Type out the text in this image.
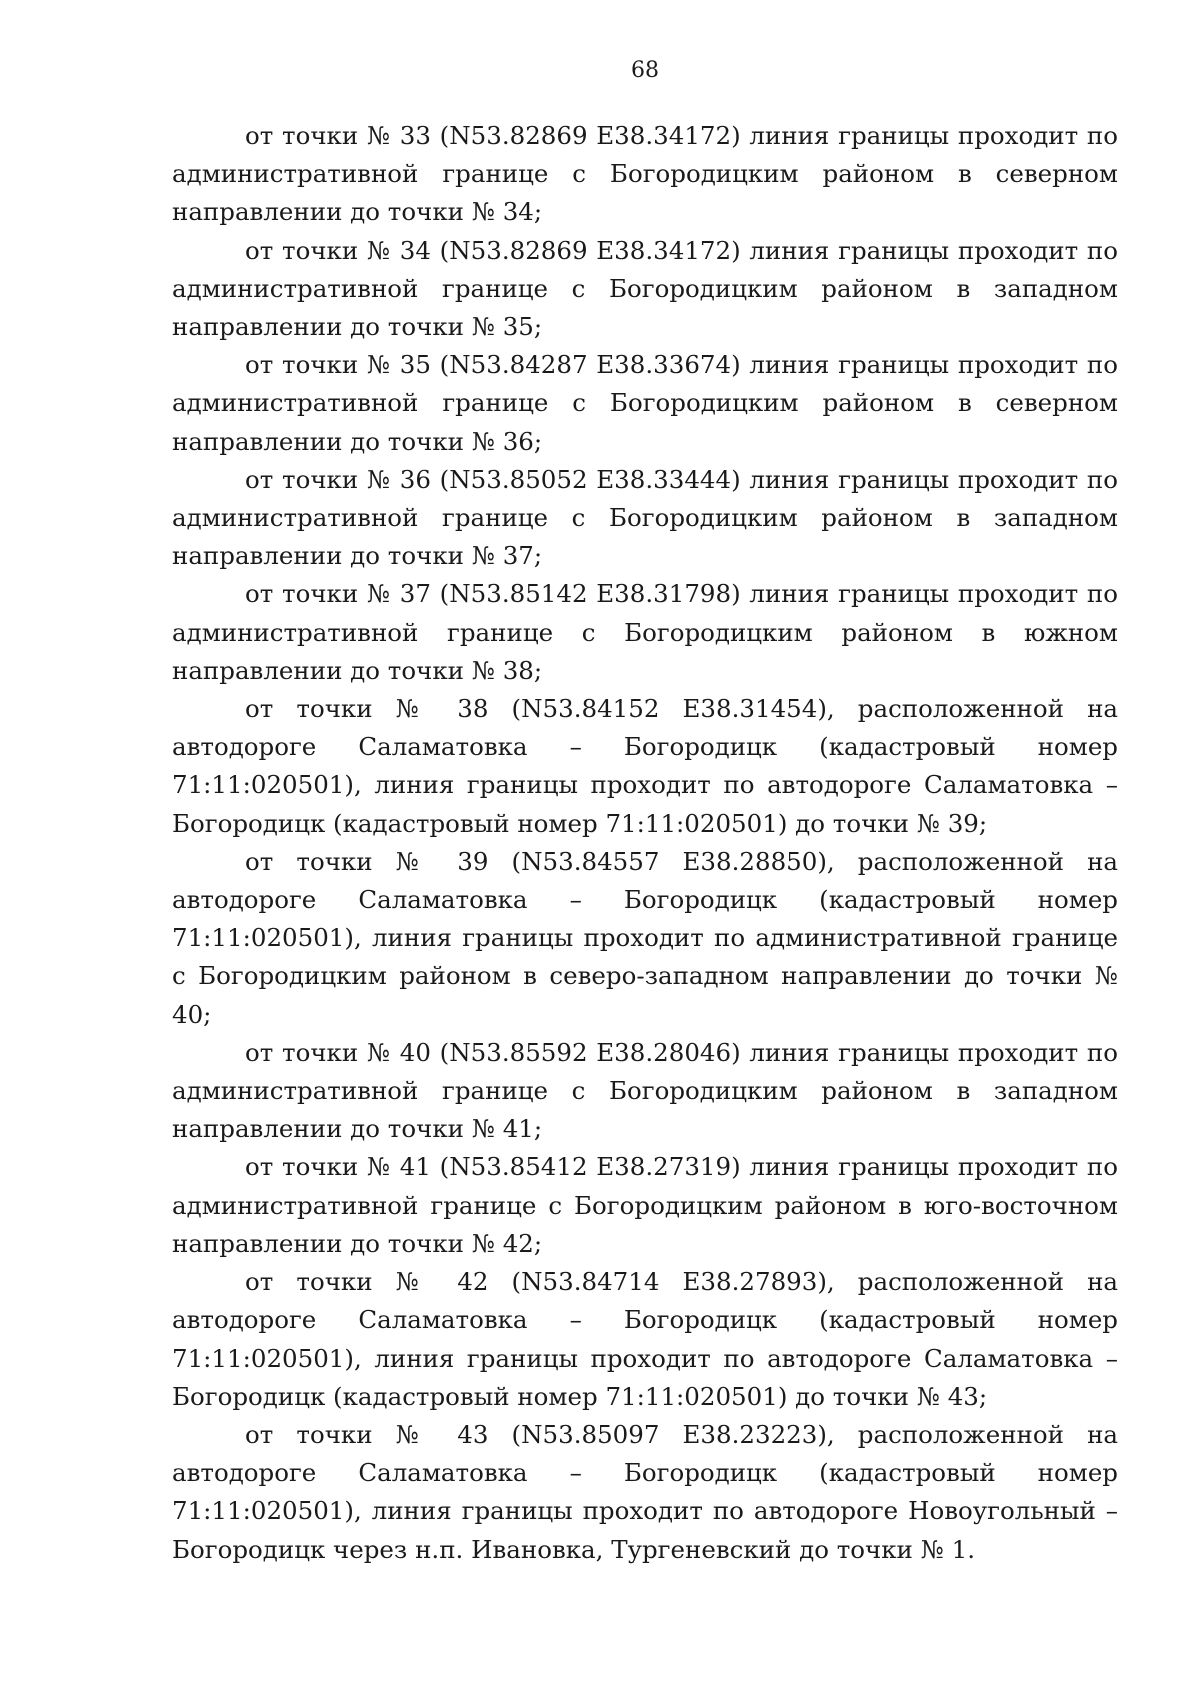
68

от точки № 33 (N53.82869 E38.34172) линия границы проходит по административной границе с Богородицким районом в северном направлении до точки № 34;

от точки № 34 (N53.82869 E38.34172) линия границы проходит по административной границе с Богородицким районом в западном направлении до точки № 35;

от точки № 35 (N53.84287 E38.33674) линия границы проходит по административной границе с Богородицким районом в северном направлении до точки № 36;

от точки № 36 (N53.85052 E38.33444) линия границы проходит по административной границе с Богородицким районом в западном направлении до точки № 37;

от точки № 37 (N53.85142 E38.31798) линия границы проходит по административной границе с Богородицким районом в южном направлении до точки № 38;

от точки № 38 (N53.84152 E38.31454), расположенной на автодороге Саламатовка – Богородицк (кадастровый номер 71:11:020501), линия границы проходит по автодороге Саламатовка – Богородицк (кадастровый номер 71:11:020501) до точки № 39;

от точки № 39 (N53.84557 E38.28850), расположенной на автодороге Саламатовка – Богородицк (кадастровый номер 71:11:020501), линия границы проходит по административной границе с Богородицким районом в северо-западном направлении до точки № 40;

от точки № 40 (N53.85592 E38.28046) линия границы проходит по административной границе с Богородицким районом в западном направлении до точки № 41;

от точки № 41 (N53.85412 E38.27319) линия границы проходит по административной границе с Богородицким районом в юго-восточном направлении до точки № 42;

от точки № 42 (N53.84714 E38.27893), расположенной на автодороге Саламатовка – Богородицк (кадастровый номер 71:11:020501), линия границы проходит по автодороге Саламатовка – Богородицк (кадастровый номер 71:11:020501) до точки № 43;

от точки № 43 (N53.85097 E38.23223), расположенной на автодороге Саламатовка – Богородицк (кадастровый номер 71:11:020501), линия границы проходит по автодороге Новоугольный – Богородицк через н.п. Ивановка, Тургеневский до точки № 1.
